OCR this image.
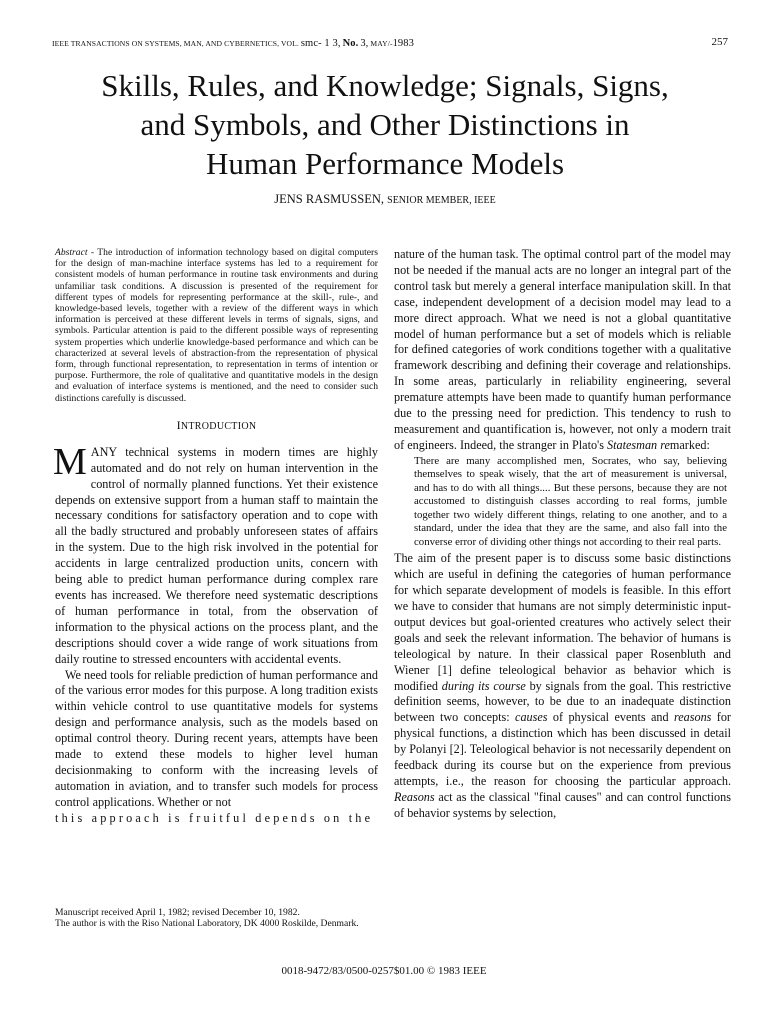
IEEE TRANSACTIONS ON SYSTEMS, MAN, AND CYBERNETICS, VOL. smc- 1 3, No. 3, MAY/-1983	257
Skills, Rules, and Knowledge; Signals, Signs,
and Symbols, and Other Distinctions in
Human Performance Models
JENS RASMUSSEN, SENIOR MEMBER, IEEE

Abstract - The introduction of information technology based on digital computers for the design of man-machine interface systems has led to a requirement for consistent models of human performance in routine task environments and during unfamiliar task conditions. A discussion is presented of the requirement for different types of models for representing performance at the skill-, rule-, and knowledge-based levels, together with a review of the different ways in which information is perceived at these different levels in terms of signals, signs, and symbols. Particular attention is paid to the different possible ways of representing system properties which underlie knowledge-based performance and which can be characterized at several levels of abstraction-from the representation of physical form, through functional representation, to representation in terms of intention or purpose. Furthermore, the role of qualitative and quantitative models in the design and evaluation of interface systems is mentioned, and the need to consider such distinctions carefully is discussed.

INTRODUCTION

MANY technical systems in modern times are highly automated and do not rely on human intervention in the control of normally planned functions. Yet their existence depends on extensive support from a human staff to maintain the necessary conditions for satisfactory operation and to cope with all the badly structured and probably unforeseen states of affairs in the system. Due to the high risk involved in the potential for accidents in large centralized production units, concern with being able to predict human performance during complex rare events has increased. We therefore need systematic descriptions of human performance in total, from the observation of information to the physical actions on the process plant, and the descriptions should cover a wide range of work situations from daily routine to stressed encounters with accidental events.

We need tools for reliable prediction of human performance and of the various error modes for this purpose. A long tradition exists within vehicle control to use quantitative models for systems design and performance analysis, such as the models based on optimal control theory. During recent years, attempts have been made to extend these models to higher level human decisionmaking to conform with the increasing levels of automation in aviation, and to transfer such models for process control applications. Whether or not

this approach is fruitful depends on the

nature of the human task. The optimal control part of the model may not be needed if the manual acts are no longer an integral part of the control task but merely a general interface manipulation skill. In that case, independent development of a decision model may lead to a more direct approach. What we need is not a global quantitative model of human performance but a set of models which is reliable for defined categories of work conditions together with a qualitative framework describing and defining their coverage and relationships. In some areas, particularly in reliability engineering, several premature attempts have been made to quantify human performance due to the pressing need for prediction. This tendency to rush to measurement and quantification is, however, not only a modern trait of engineers. Indeed, the stranger in Plato's Statesman remarked:

There are many accomplished men, Socrates, who say, believing themselves to speak wisely, that the art of measurement is universal, and has to do with all things.... But these persons, because they are not accustomed to distinguish classes according to real forms, jumble together two widely different things, relating to one another, and to a standard, under the idea that they are the same, and also fall into the converse error of dividing other things not according to their real parts.

The aim of the present paper is to discuss some basic distinctions which are useful in defining the categories of human performance for which separate development of models is feasible. In this effort we have to consider that humans are not simply deterministic input-output devices but goal-oriented creatures who actively select their goals and seek the relevant information. The behavior of humans is teleological by nature. In their classical paper Rosenbluth and Wiener [1] define teleological behavior as behavior which is modified during its course by signals from the goal. This restrictive definition seems, however, to be due to an inadequate distinction between two concepts: causes of physical events and reasons for physical functions, a distinction which has been discussed in detail by Polanyi [2]. Teleological behavior is not necessarily dependent on feedback during its course but on the experience from previous attempts, i.e., the reason for choosing the particular approach. Reasons act as the classical "final causes" and can control functions of behavior systems by selection,

Manuscript received April 1, 1982; revised December 10, 1982.

The author is with the Riso National Laboratory, DK 4000 Roskilde, Denmark.

0018-9472/83/0500-0257$01.00 © 1983 IEEE
